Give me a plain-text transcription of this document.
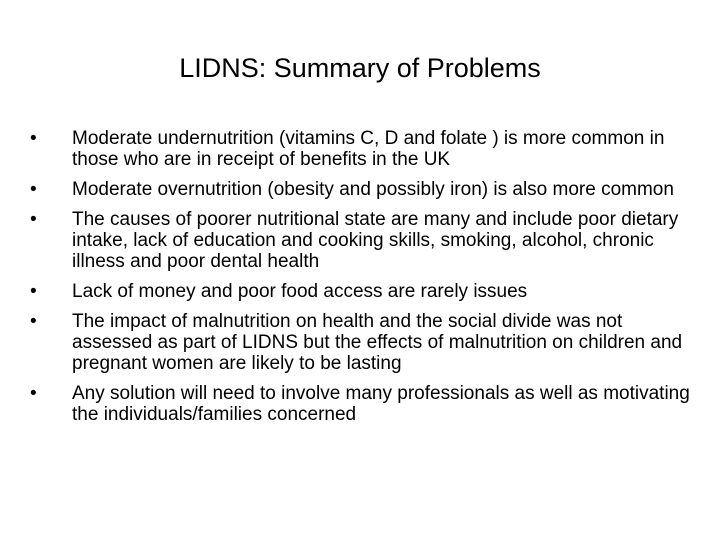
LIDNS: Summary of Problems
•	Moderate undernutrition (vitamins C, D and folate ) is more common in those who are in receipt of benefits in the UK
•	Moderate overnutrition (obesity and possibly iron) is also more common
•	The causes of poorer nutritional state are many and include poor dietary intake, lack of education and cooking skills, smoking, alcohol, chronic illness and poor dental health
•	Lack of money and poor food access are rarely issues
•	The impact of malnutrition on health and the social divide was not assessed as part of LIDNS but the effects of malnutrition on children and pregnant women are likely to be lasting
•	Any solution will need to involve many professionals as well as motivating the individuals/families concerned
